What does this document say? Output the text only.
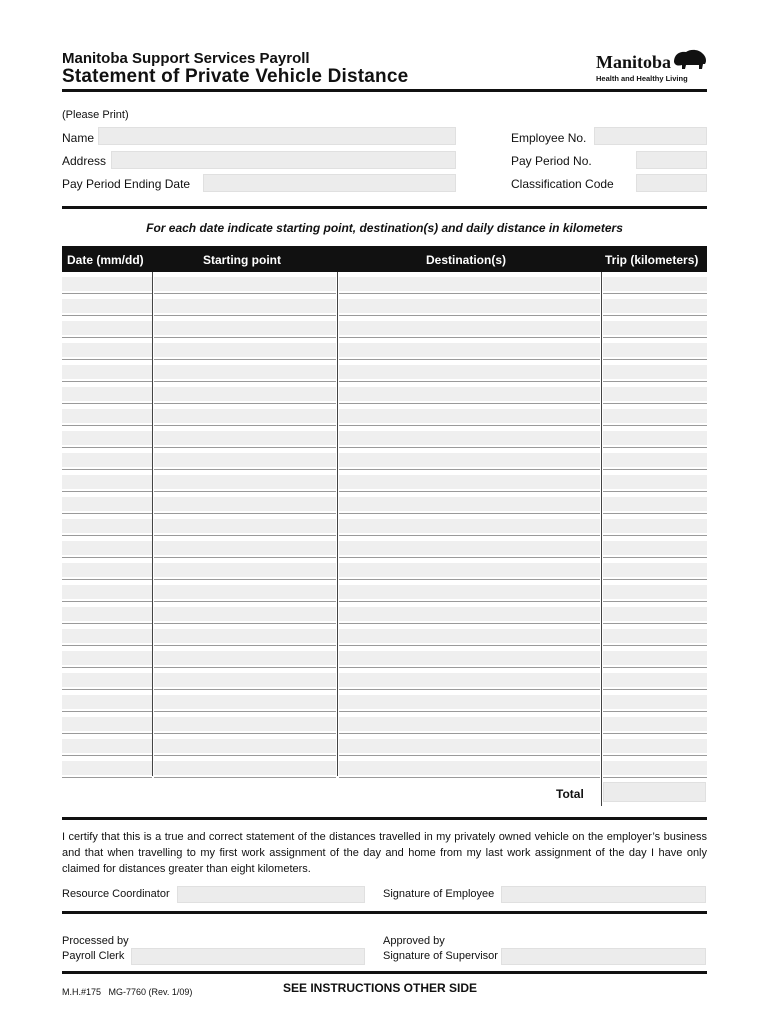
Manitoba Support Services Payroll
Statement of Private Vehicle Distance
Manitoba
Health and Healthy Living
(Please Print)
Name
Address
Pay Period Ending Date
Employee No.
Pay Period No.
Classification Code
For each date indicate starting point, destination(s) and daily distance in kilometers
Date (mm/dd)	Starting point	Destination(s)	Trip (kilometers)
Total
I certify that this is a true and correct statement of the distances travelled in my privately owned vehicle on the employer’s business and that when travelling to my first work assignment of the day and home from my last work assignment of the day I have only claimed for distances greater than eight kilometers.
Resource Coordinator	Signature of Employee
Processed by
Payroll Clerk
Approved by
Signature of Supervisor
M.H.#175   MG-7760 (Rev. 1/09)	SEE INSTRUCTIONS OTHER SIDE
